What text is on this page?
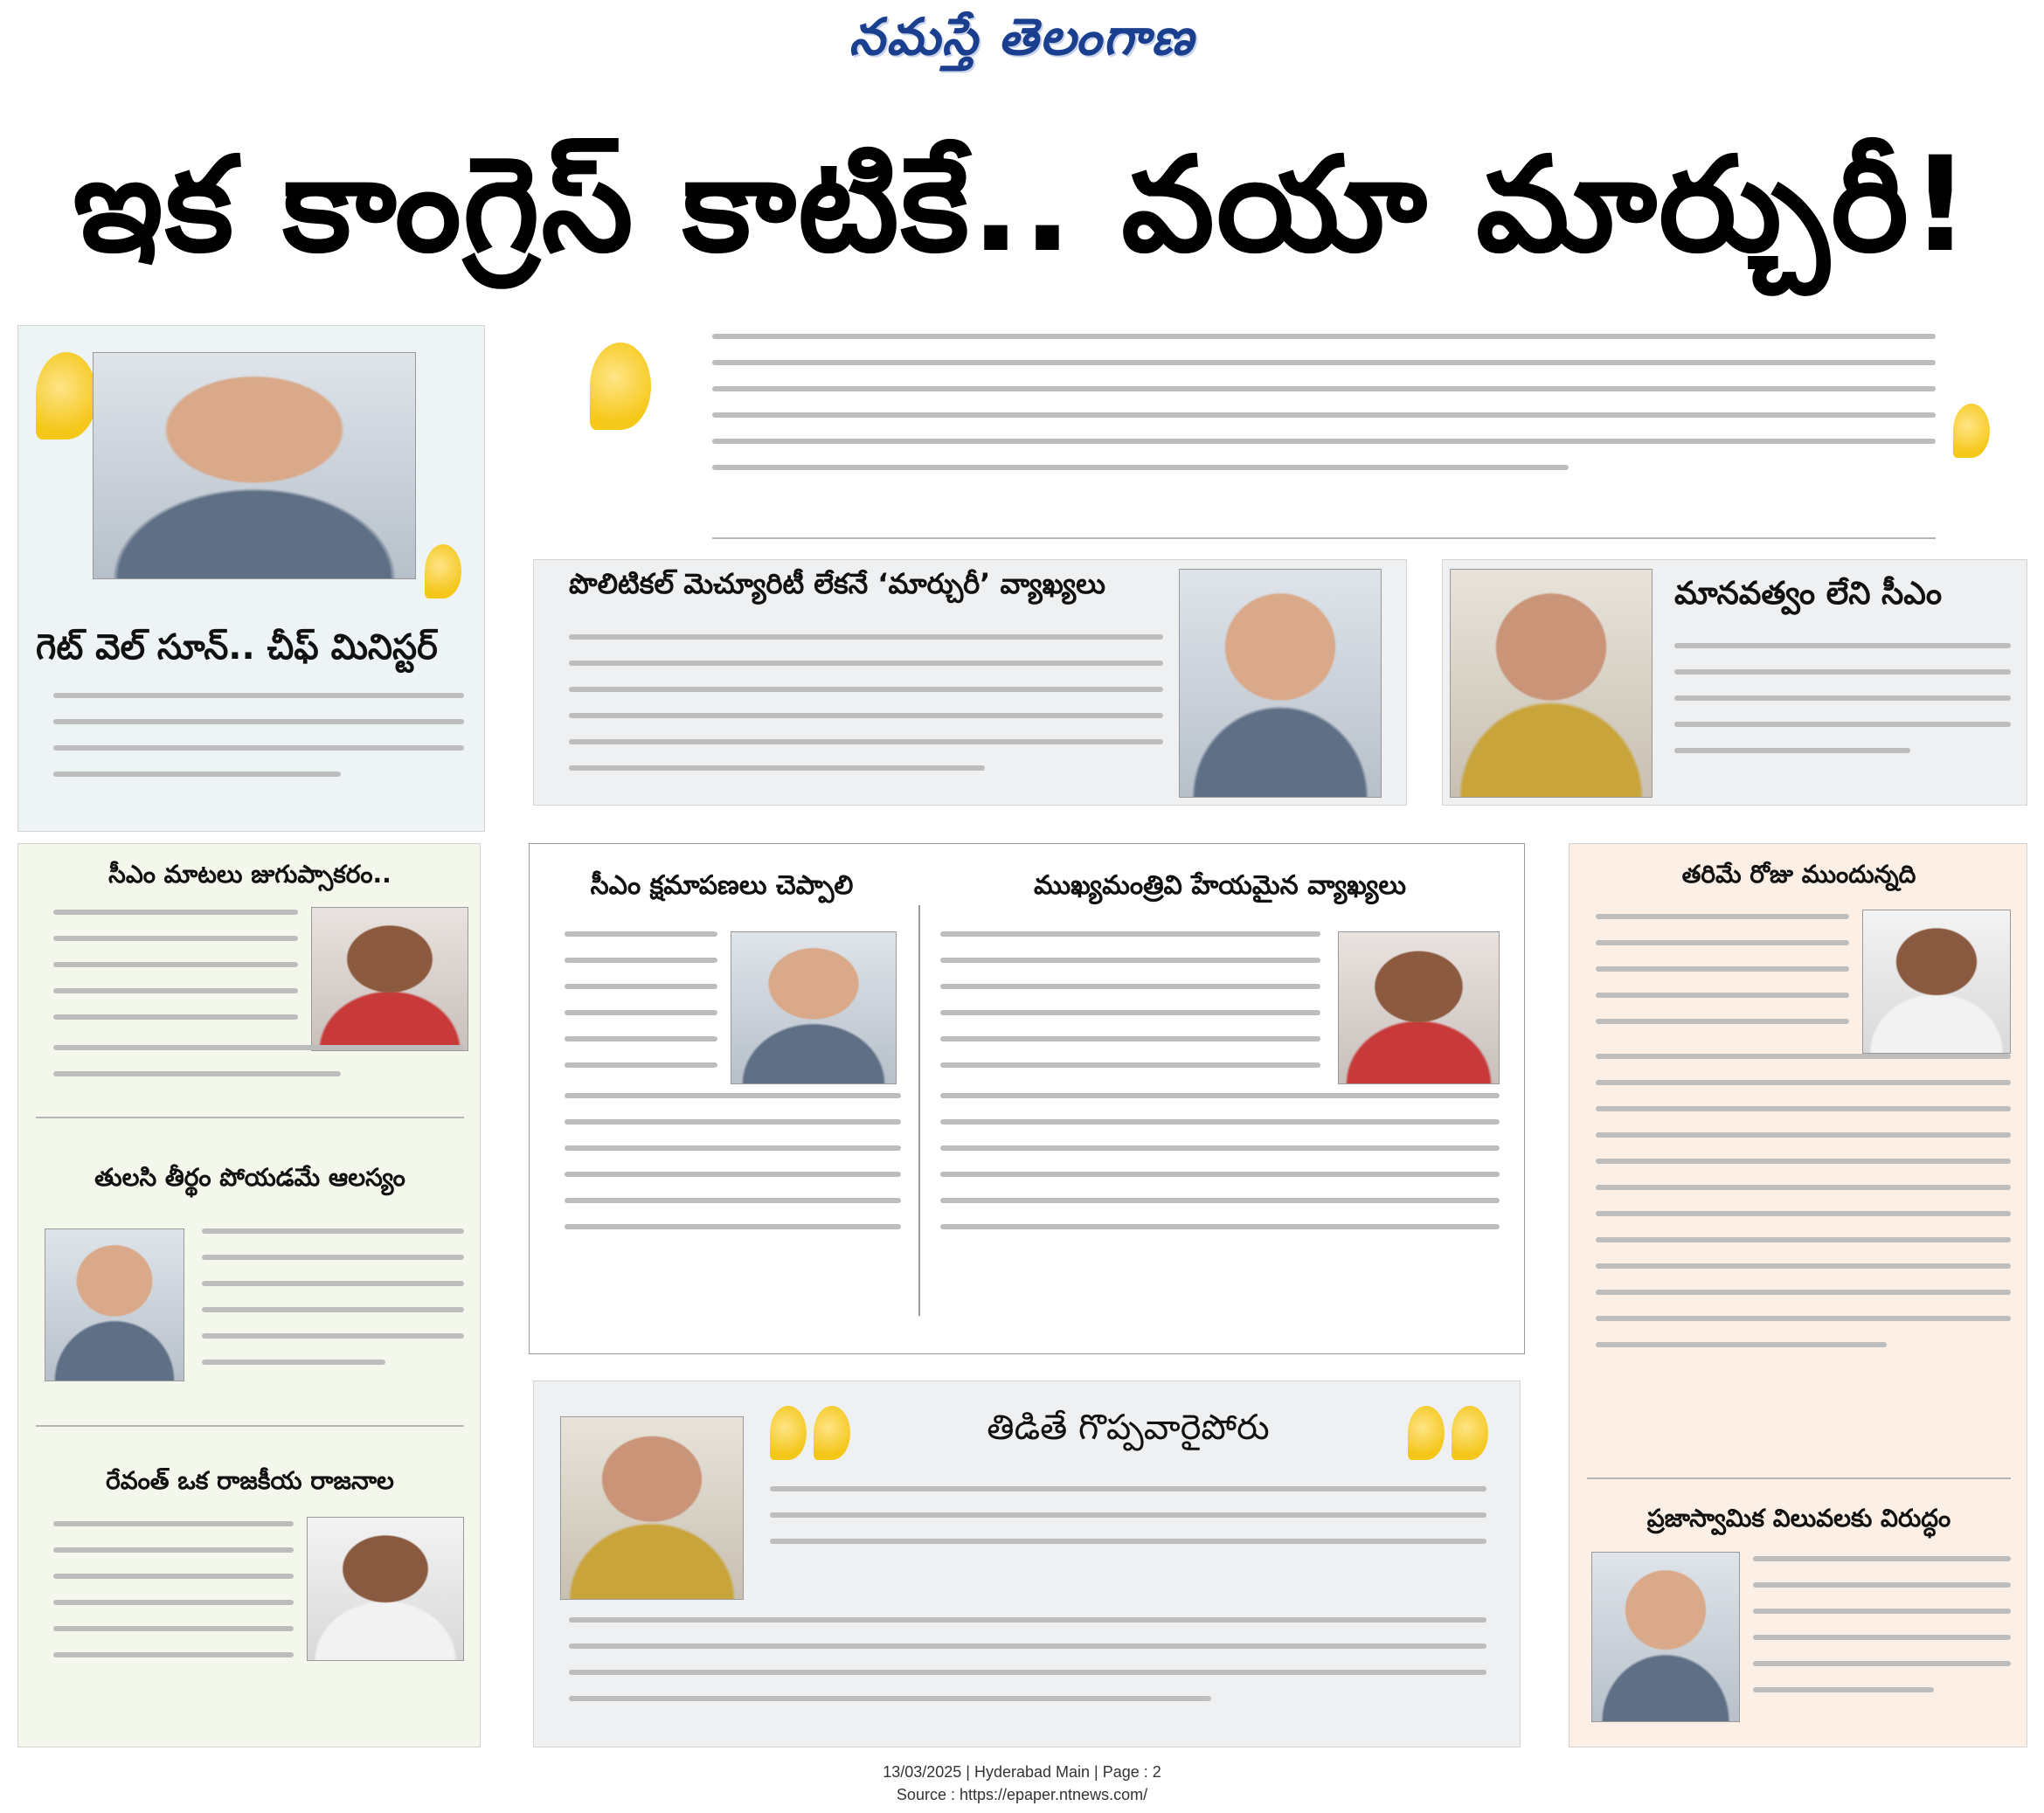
నమస్తే తెలంగాణ
ఇక కాంగ్రెస్ కాటికే.. వయా మార్చురీ!
గెట్ వెల్ సూన్.. చీఫ్ మినిస్టర్
పొలిటికల్ మెచ్యూరిటీ లేకనే ‘మార్చురీ’ వ్యాఖ్యలు	మానవత్వం లేని సీఎం
సీఎం మాటలు జుగుప్సాకరం..
తులసి తీర్థం పోయడమే ఆలస్యం
రేవంత్ ఒక రాజకీయ రాజనాల
సీఎం క్షమాపణలు చెప్పాలి	ముఖ్యమంత్రివి హేయమైన వ్యాఖ్యలు
తిడితే గొప్పవారైపోరు
తరిమే రోజు ముందున్నది
ప్రజాస్వామిక విలువలకు విరుద్ధం
13/03/2025 | Hyderabad Main | Page : 2
Source : https://epaper.ntnews.com/
